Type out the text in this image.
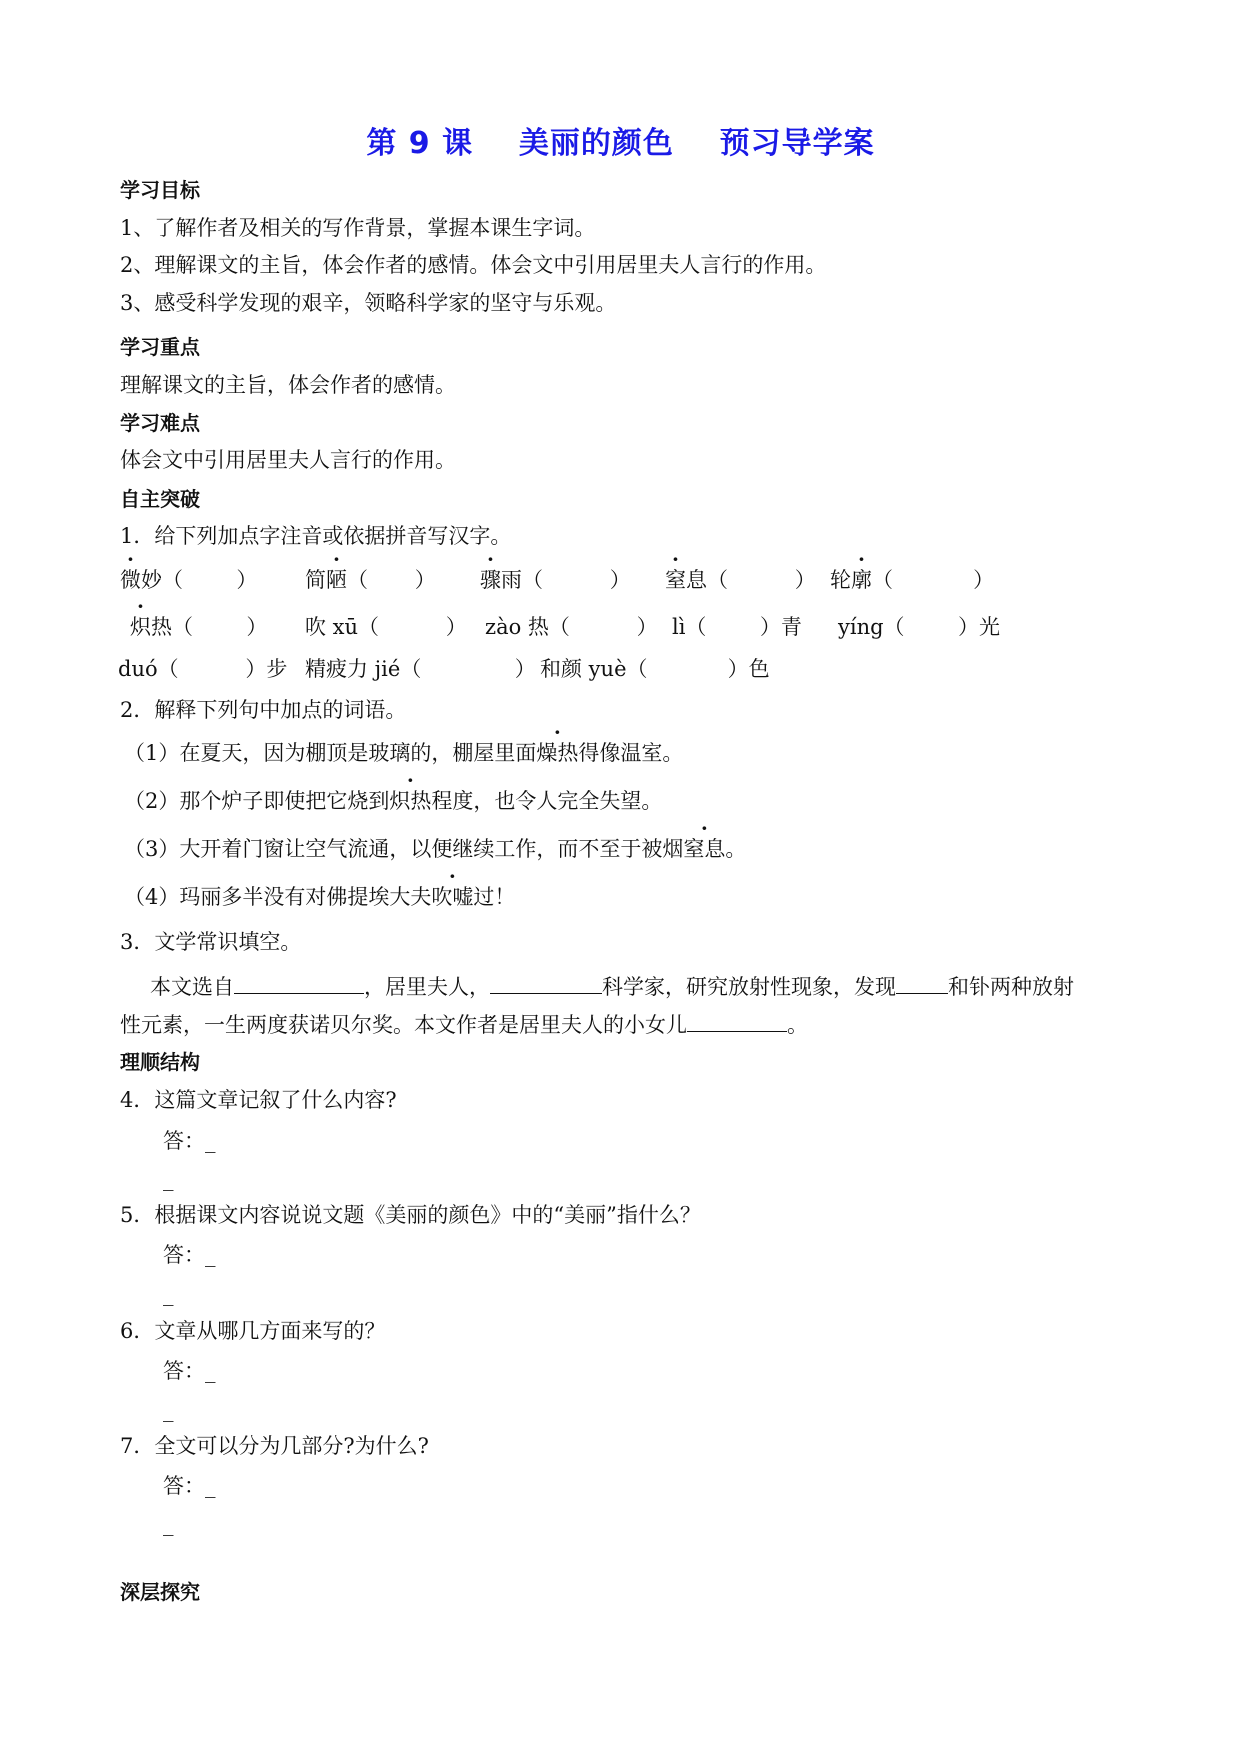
第 9 课    美丽的颜色    预习导学案
学习目标
1、了解作者及相关的写作背景，掌握本课生字词。
2、理解课文的主旨，体会作者的感情。体会文中引用居里夫人言行的作用。
3、感受科学发现的艰辛，领略科学家的坚守与乐观。
学习重点
理解课文的主旨，体会作者的感情。
学习难点
体会文中引用居里夫人言行的作用。
自主突破
1．给下列加点字注音或依据拼音写汉字。
微妙（        ） 简陋（       ） 骤雨（          ） 窒息（          ） 轮廓（            ）
炽热（        ） 吹 xū（          ） zào 热（          ） lì（        ）青 yíng（        ）光
duó（          ）步 精疲力 jié（              ） 和颜 yuè（            ）色
2．解释下列句中加点的词语。
（1）在夏天，因为棚顶是玻璃的，棚屋里面燥热得像温室。
（2）那个炉子即使把它烧到炽热程度，也令人完全失望。
（3）大开着门窗让空气流通，以便继续工作，而不至于被烟窒息。
（4）玛丽多半没有对佛提埃大夫吹嘘过！
3．文学常识填空。
本文选自	，居里夫人，	科学家，研究放射性现象，发现 和钋两种放射
性元素，一生两度获诺贝尔奖。本文作者是居里夫人的小女儿	。
理顺结构
4．这篇文章记叙了什么内容?
答：_
_
5．根据课文内容说说文题《美丽的颜色》中的“美丽”指什么？
答：_
_
6．文章从哪几方面来写的？
答：_
_
7．全文可以分为几部分?为什么?
答：_
_
深层探究
